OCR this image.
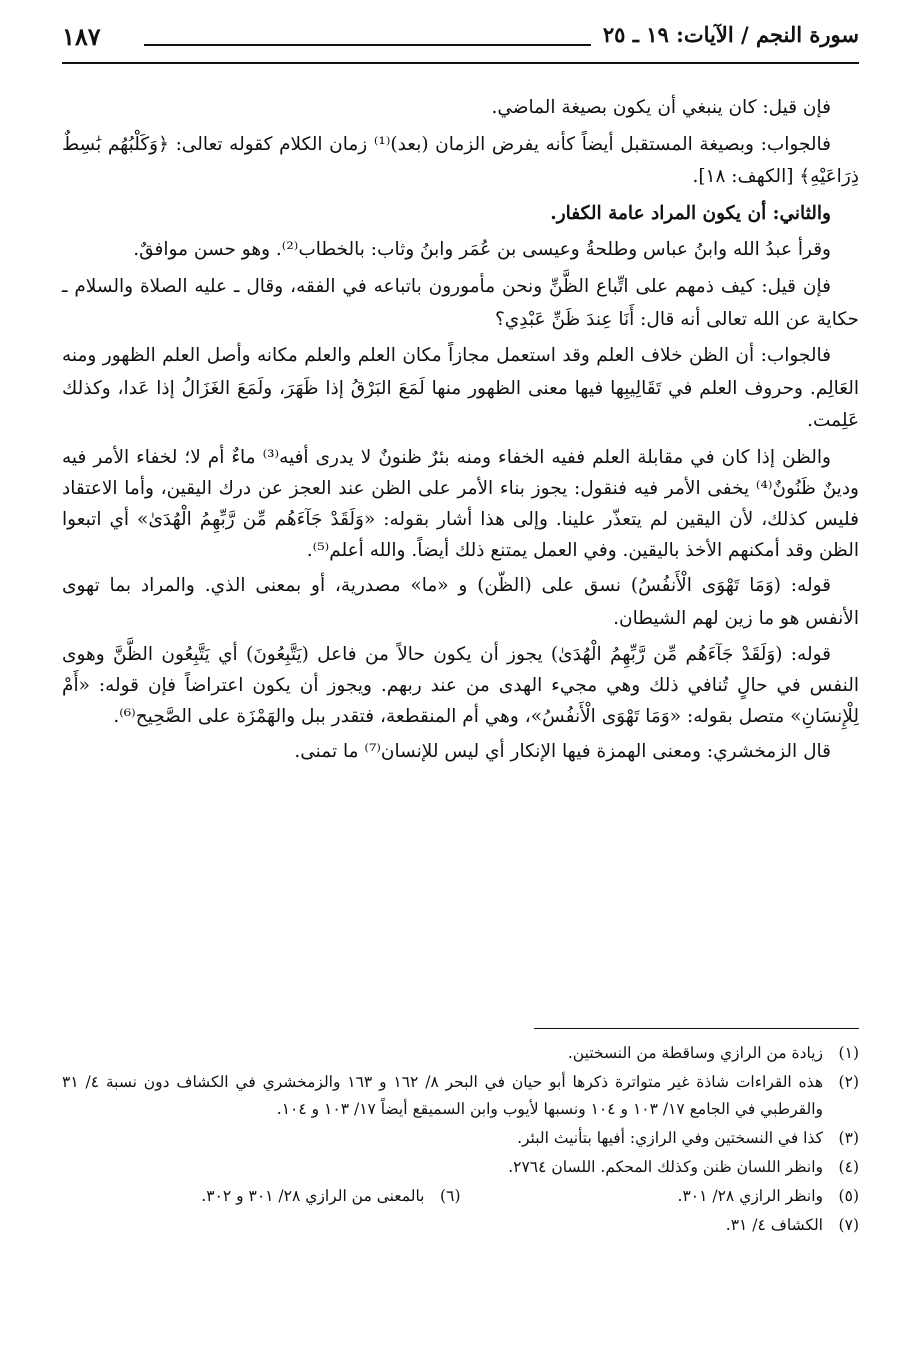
سورة النجم / الآيات: ١٩ ـ ٢٥
١٨٧

فإن قيل: كان ينبغي أن يكون بصيغة الماضي.

فالجواب: وبصيغة المستقبل أيضاً كأنه يفرض الزمان (بعد)⁽¹⁾ زمان الكلام كقوله تعالى: ﴿وَكَلْبُهُم بَٰسِطٌ ذِرَاعَيْهِ﴾ [الكهف: ١٨].

والثاني: أن يكون المراد عامة الكفار.

وقرأ عبدُ الله وابنُ عباس وطلحةُ وعيسى بن عُمَر وابنُ وثاب: بالخطاب⁽²⁾. وهو حسن موافقٌ.

فإن قيل: كيف ذمهم على اتِّباع الظَّنِّ ونحن مأمورون باتباعه في الفقه، وقال ـ عليه الصلاة والسلام ـ حكاية عن الله تعالى أنه قال: أَنَا عِندَ ظَنِّ عَبْدِي؟

فالجواب: أن الظن خلاف العلم وقد استعمل مجازاً مكان العلم والعلم مكانه وأصل العلم الظهور ومنه العَالِم. وحروف العلم في تَقَالِيبِها فيها معنى الظهور منها لَمَعَ البَرْقُ إذا ظَهَرَ، ولَمَعَ الغَزَالُ إذا عَدا، وكذلك عَلِمت.

والظن إذا كان في مقابلة العلم ففيه الخفاء ومنه بئرٌ ظنونٌ لا يدرى أفيه⁽³⁾ ماءٌ أم لا؛ لخفاء الأمر فيه ودينٌ ظَنُونٌ⁽⁴⁾ يخفى الأمر فيه فنقول: يجوز بناء الأمر على الظن عند العجز عن درك اليقين، وأما الاعتقاد فليس كذلك، لأن اليقين لم يتعذّر علينا. وإلى هذا أشار بقوله: «وَلَقَدْ جَآءَهُم مِّن رَّبِّهِمُ الْهُدَىٰ» أي اتبعوا الظن وقد أمكنهم الأخذ باليقين. وفي العمل يمتنع ذلك أيضاً. والله أعلم⁽⁵⁾.

قوله: (وَمَا تَهْوَى الْأَنفُسُ) نسق على (الظّن) و «ما» مصدرية، أو بمعنى الذي. والمراد بما تهوى الأنفس هو ما زين لهم الشيطان.

قوله: (وَلَقَدْ جَآءَهُم مِّن رَّبِّهِمُ الْهُدَىٰ) يجوز أن يكون حالاً من فاعل (يَتَّبِعُونَ) أي يَتَّبِعُون الظَّنَّ وهوى النفس في حالٍ تُنافي ذلك وهي مجيء الهدى من عند ربهم. ويجوز أن يكون اعتراضاً فإن قوله: «أَمْ لِلْإِنسَانِ» متصل بقوله: «وَمَا تَهْوَى الْأَنفُسُ»، وهي أم المنقطعة، فتقدر ببل والهَمْزَة على الصَّحِيح⁽⁶⁾.

قال الزمخشري: ومعنى الهمزة فيها الإنكار أي ليس للإنسان⁽⁷⁾ ما تمنى.

(١)
زيادة من الرازي وساقطة من النسختين.
(٢)
هذه القراءات شاذة غير متواترة ذكرها أبو حيان في البحر ٨/ ١٦٢ و ١٦٣ والزمخشري في الكشاف دون نسبة ٤/ ٣١ والقرطبي في الجامع ١٧/ ١٠٣ و ١٠٤ ونسبها لأيوب وابن السميقع أيضاً ١٧/ ١٠٣ و ١٠٤.
(٣)
كذا في النسختين وفي الرازي: أفيها بتأنيث البئر.
(٤)
وانظر اللسان ظنن وكذلك المحكم. اللسان ٢٧٦٤.
(٥)
وانظر الرازي ٢٨/ ٣٠١.
(٦)
بالمعنى من الرازي ٢٨/ ٣٠١ و ٣٠٢.
(٧)
الكشاف ٤/ ٣١.
